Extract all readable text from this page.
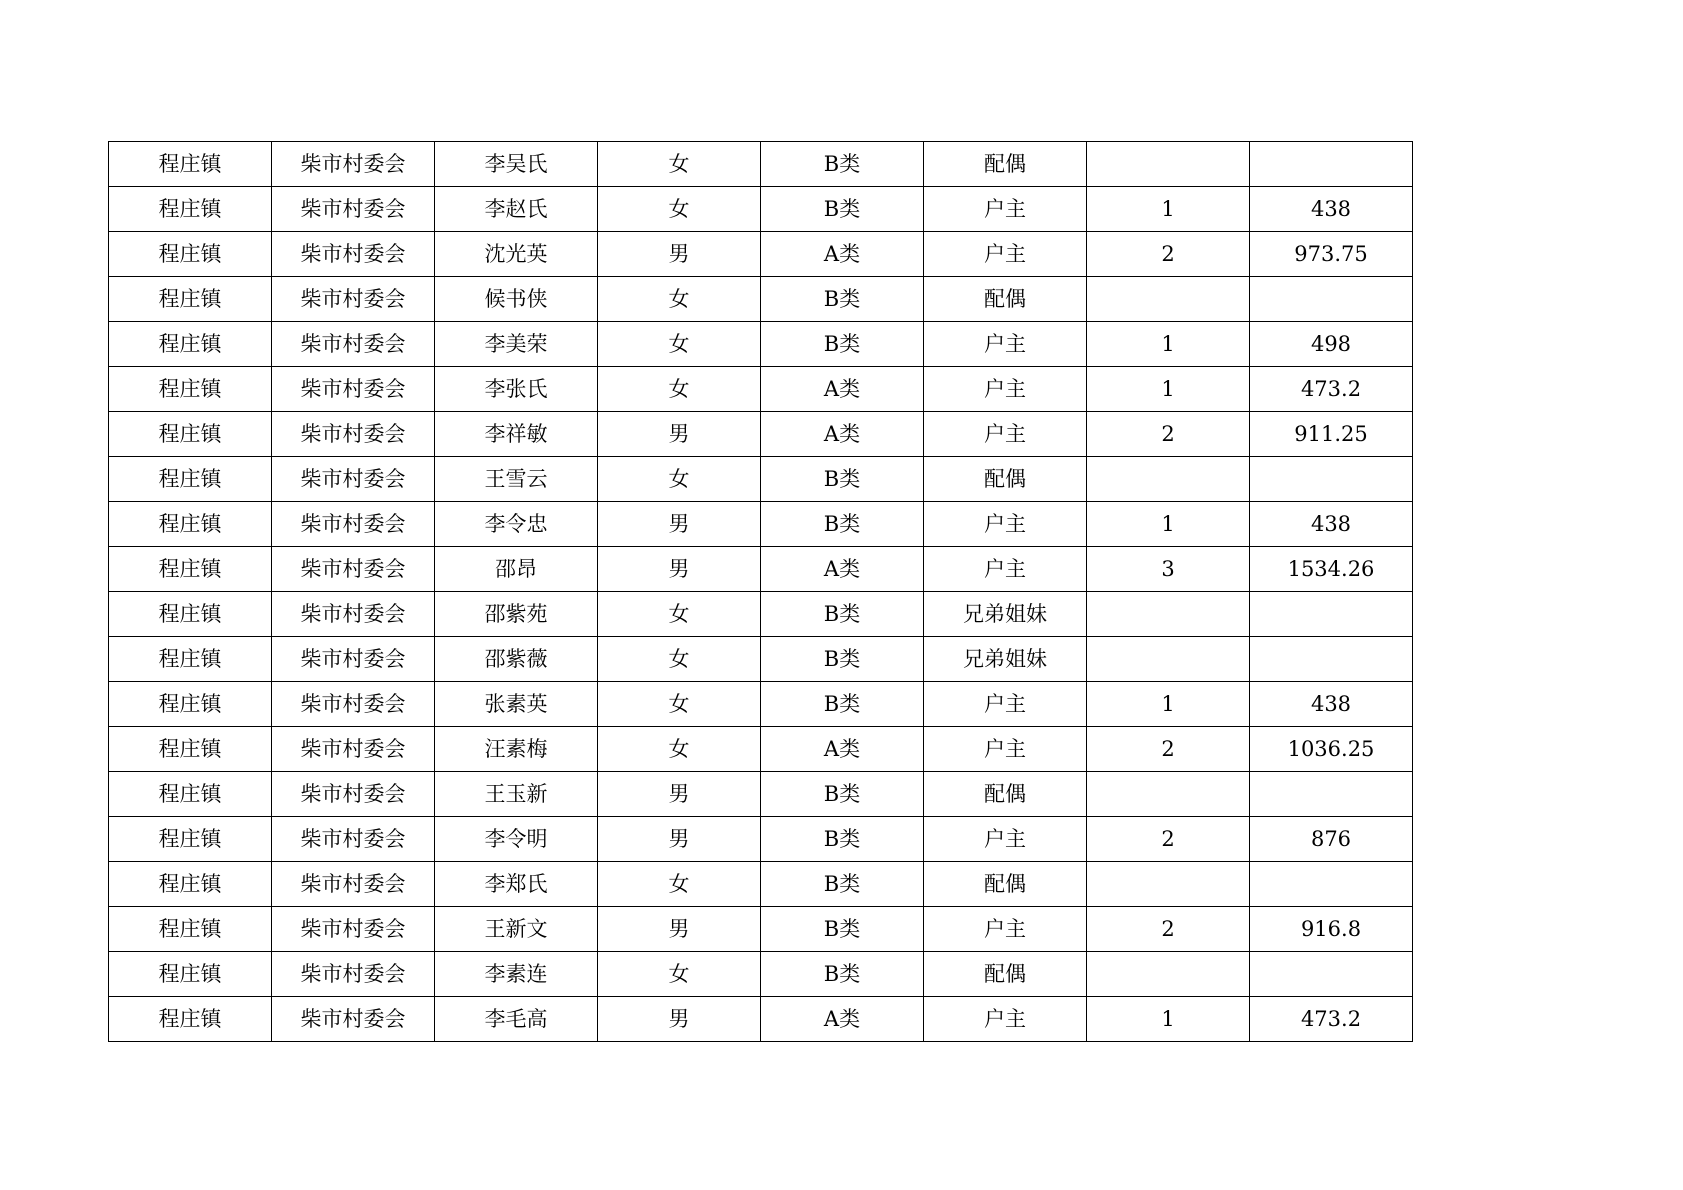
程庄镇	柴市村委会	李吴氏	女	B类	配偶		
程庄镇	柴市村委会	李赵氏	女	B类	户主	1	438
程庄镇	柴市村委会	沈光英	男	A类	户主	2	973.75
程庄镇	柴市村委会	候书侠	女	B类	配偶		
程庄镇	柴市村委会	李美荣	女	B类	户主	1	498
程庄镇	柴市村委会	李张氏	女	A类	户主	1	473.2
程庄镇	柴市村委会	李祥敏	男	A类	户主	2	911.25
程庄镇	柴市村委会	王雪云	女	B类	配偶		
程庄镇	柴市村委会	李令忠	男	B类	户主	1	438
程庄镇	柴市村委会	邵昂	男	A类	户主	3	1534.26
程庄镇	柴市村委会	邵紫苑	女	B类	兄弟姐妹		
程庄镇	柴市村委会	邵紫薇	女	B类	兄弟姐妹		
程庄镇	柴市村委会	张素英	女	B类	户主	1	438
程庄镇	柴市村委会	汪素梅	女	A类	户主	2	1036.25
程庄镇	柴市村委会	王玉新	男	B类	配偶		
程庄镇	柴市村委会	李令明	男	B类	户主	2	876
程庄镇	柴市村委会	李郑氏	女	B类	配偶		
程庄镇	柴市村委会	王新文	男	B类	户主	2	916.8
程庄镇	柴市村委会	李素连	女	B类	配偶		
程庄镇	柴市村委会	李毛高	男	A类	户主	1	473.2
